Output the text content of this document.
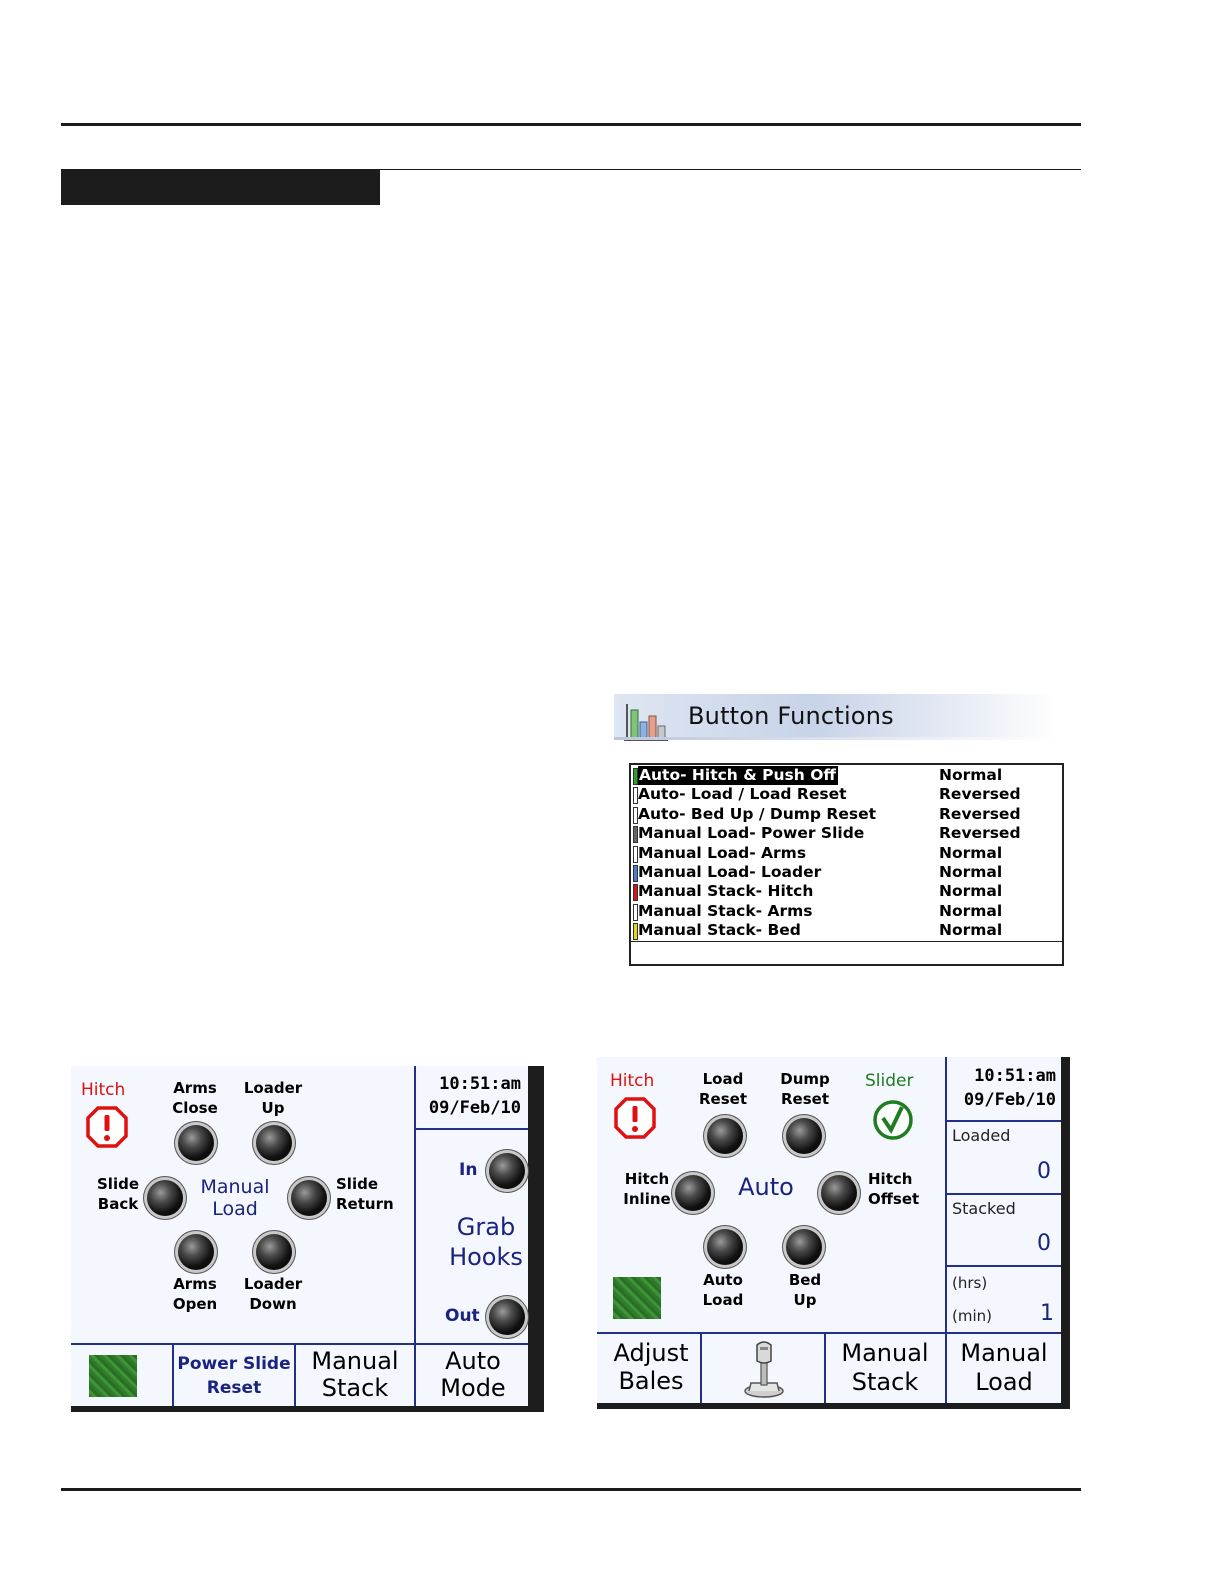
Button Functions
Auto- Hitch & Push Off	Normal
Auto- Load / Load Reset	Reversed
Auto- Bed Up / Dump Reset	Reversed
Manual Load- Power Slide	Reversed
Manual Load- Arms	Normal
Manual Load- Loader	Normal
Manual Stack- Hitch	Normal
Manual Stack- Arms	Normal
Manual Stack- Bed	Normal
Hitch	Arms
Close
Loader
Up
Slide
Back
Manual
Load
Slide
Return
Arms
Open
Loader
Down
10:51:am
09/Feb/10
In
Grab
Hooks
Out
Power Slide
Reset
Manual
Stack
Auto
Mode
Hitch	Load
Reset
Dump
Reset
Slider
Hitch
Inline	Auto	Hitch
Offset
Auto
Load
Bed
Up
10:51:am
09/Feb/10
Loaded
0
Stacked
0
(hrs)
(min) 1
Adjust
Bales
Manual
Stack
Manual
Load
